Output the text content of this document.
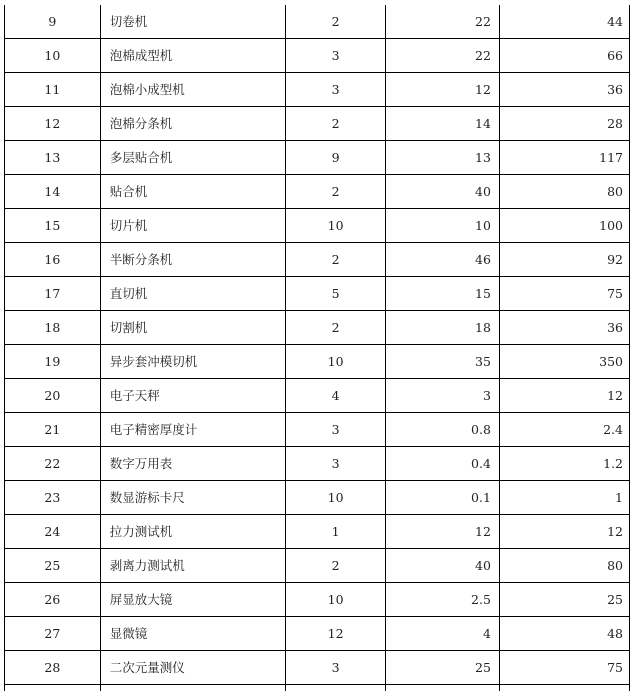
9	切卷机	2	22	44
10	泡棉成型机	3	22	66
11	泡棉小成型机	3	12	36
12	泡棉分条机	2	14	28
13	多层贴合机	9	13	117
14	贴合机	2	40	80
15	切片机	10	10	100
16	半断分条机	2	46	92
17	直切机	5	15	75
18	切割机	2	18	36
19	异步套冲模切机	10	35	350
20	电子天秤	4	3	12
21	电子精密厚度计	3	0.8	2.4
22	数字万用表	3	0.4	1.2
23	数显游标卡尺	10	0.1	1
24	拉力测试机	1	12	12
25	剥离力测试机	2	40	80
26	屏显放大镜	10	2.5	25
27	显微镜	12	4	48
28	二次元量测仪	3	25	75
